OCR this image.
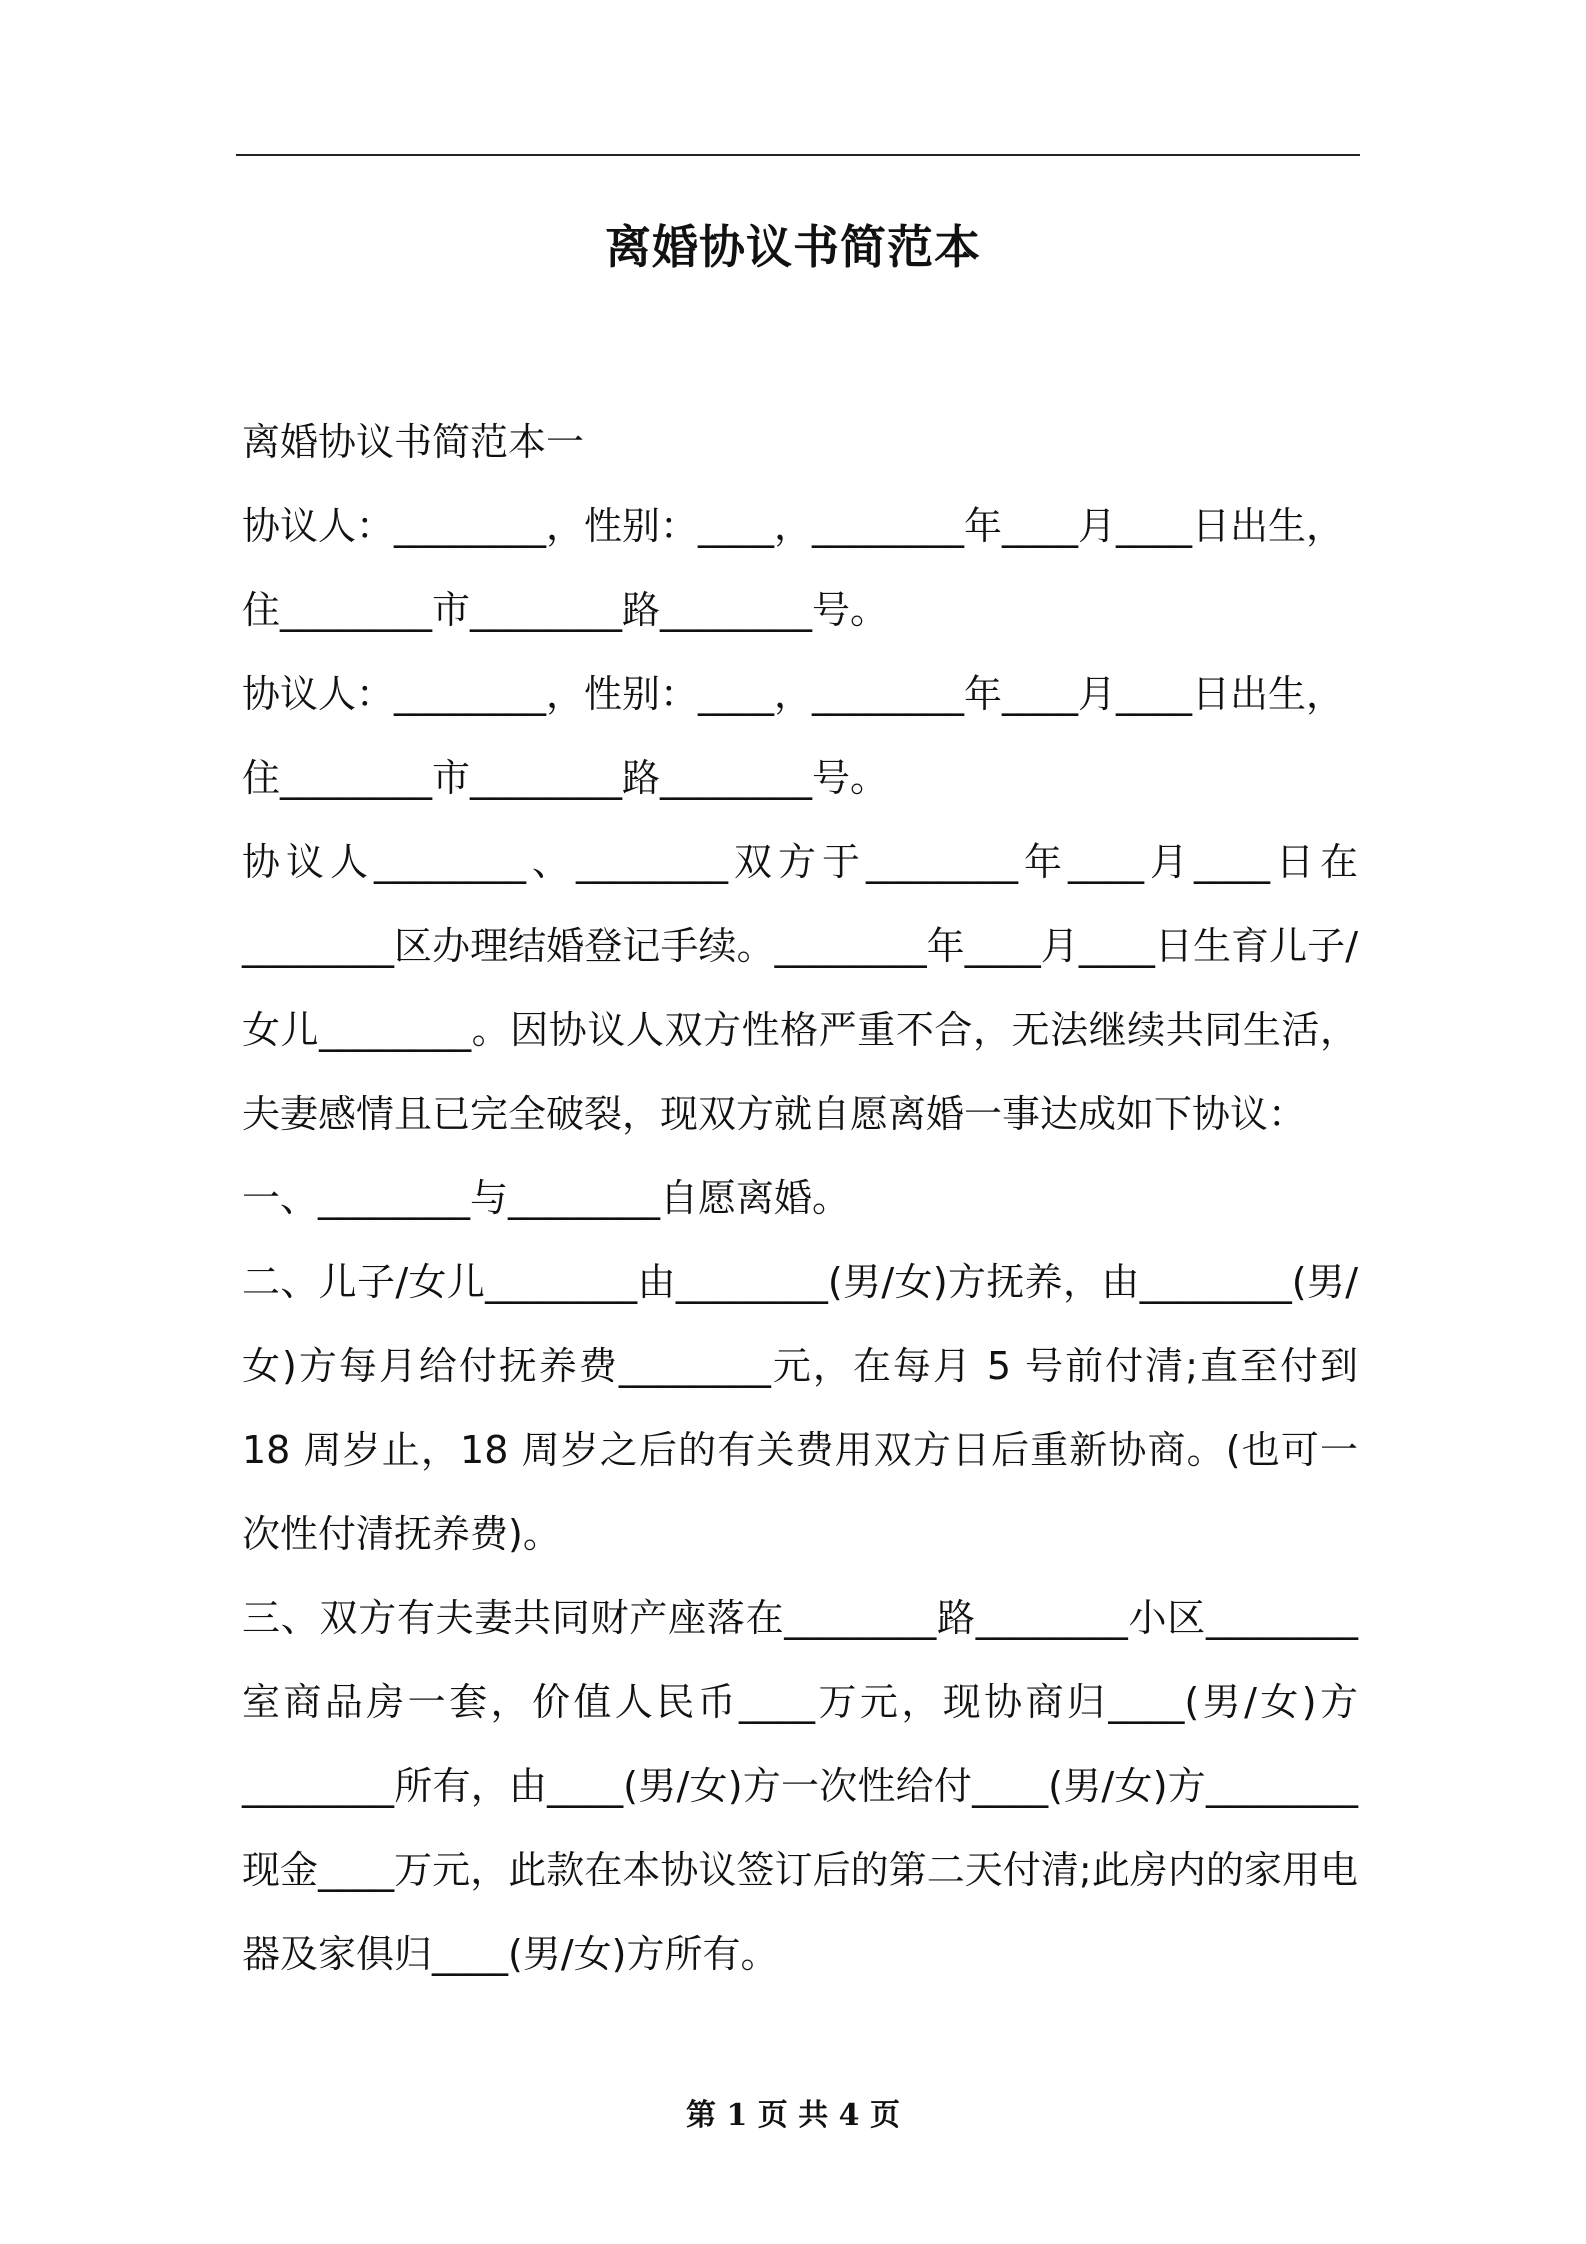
离婚协议书简范本

离婚协议书简范本一

协议人：________，性别：____，________年____月____日出生，

住________市________路________号。

协议人：________，性别：____，________年____月____日出生，

住________市________路________号。

协议人________、________双方于________年____月____日在________区办理结婚登记手续。________年____月____日生育儿子/女儿________。因协议人双方性格严重不合，无法继续共同生活，夫妻感情且已完全破裂，现双方就自愿离婚一事达成如下协议：

一、________与________自愿离婚。

二、儿子/女儿________由________(男/女)方抚养，由________(男/女)方每月给付抚养费________元，在每月 5 号前付清;直至付到 18 周岁止，18 周岁之后的有关费用双方日后重新协商。(也可一次性付清抚养费)。

三、双方有夫妻共同财产座落在________路________小区________室商品房一套，价值人民币____万元，现协商归____(男/女)方________所有，由____(男/女)方一次性给付____(男/女)方________现金____万元，此款在本协议签订后的第二天付清;此房内的家用电器及家俱归____(男/女)方所有。

第 1 页 共 4 页
